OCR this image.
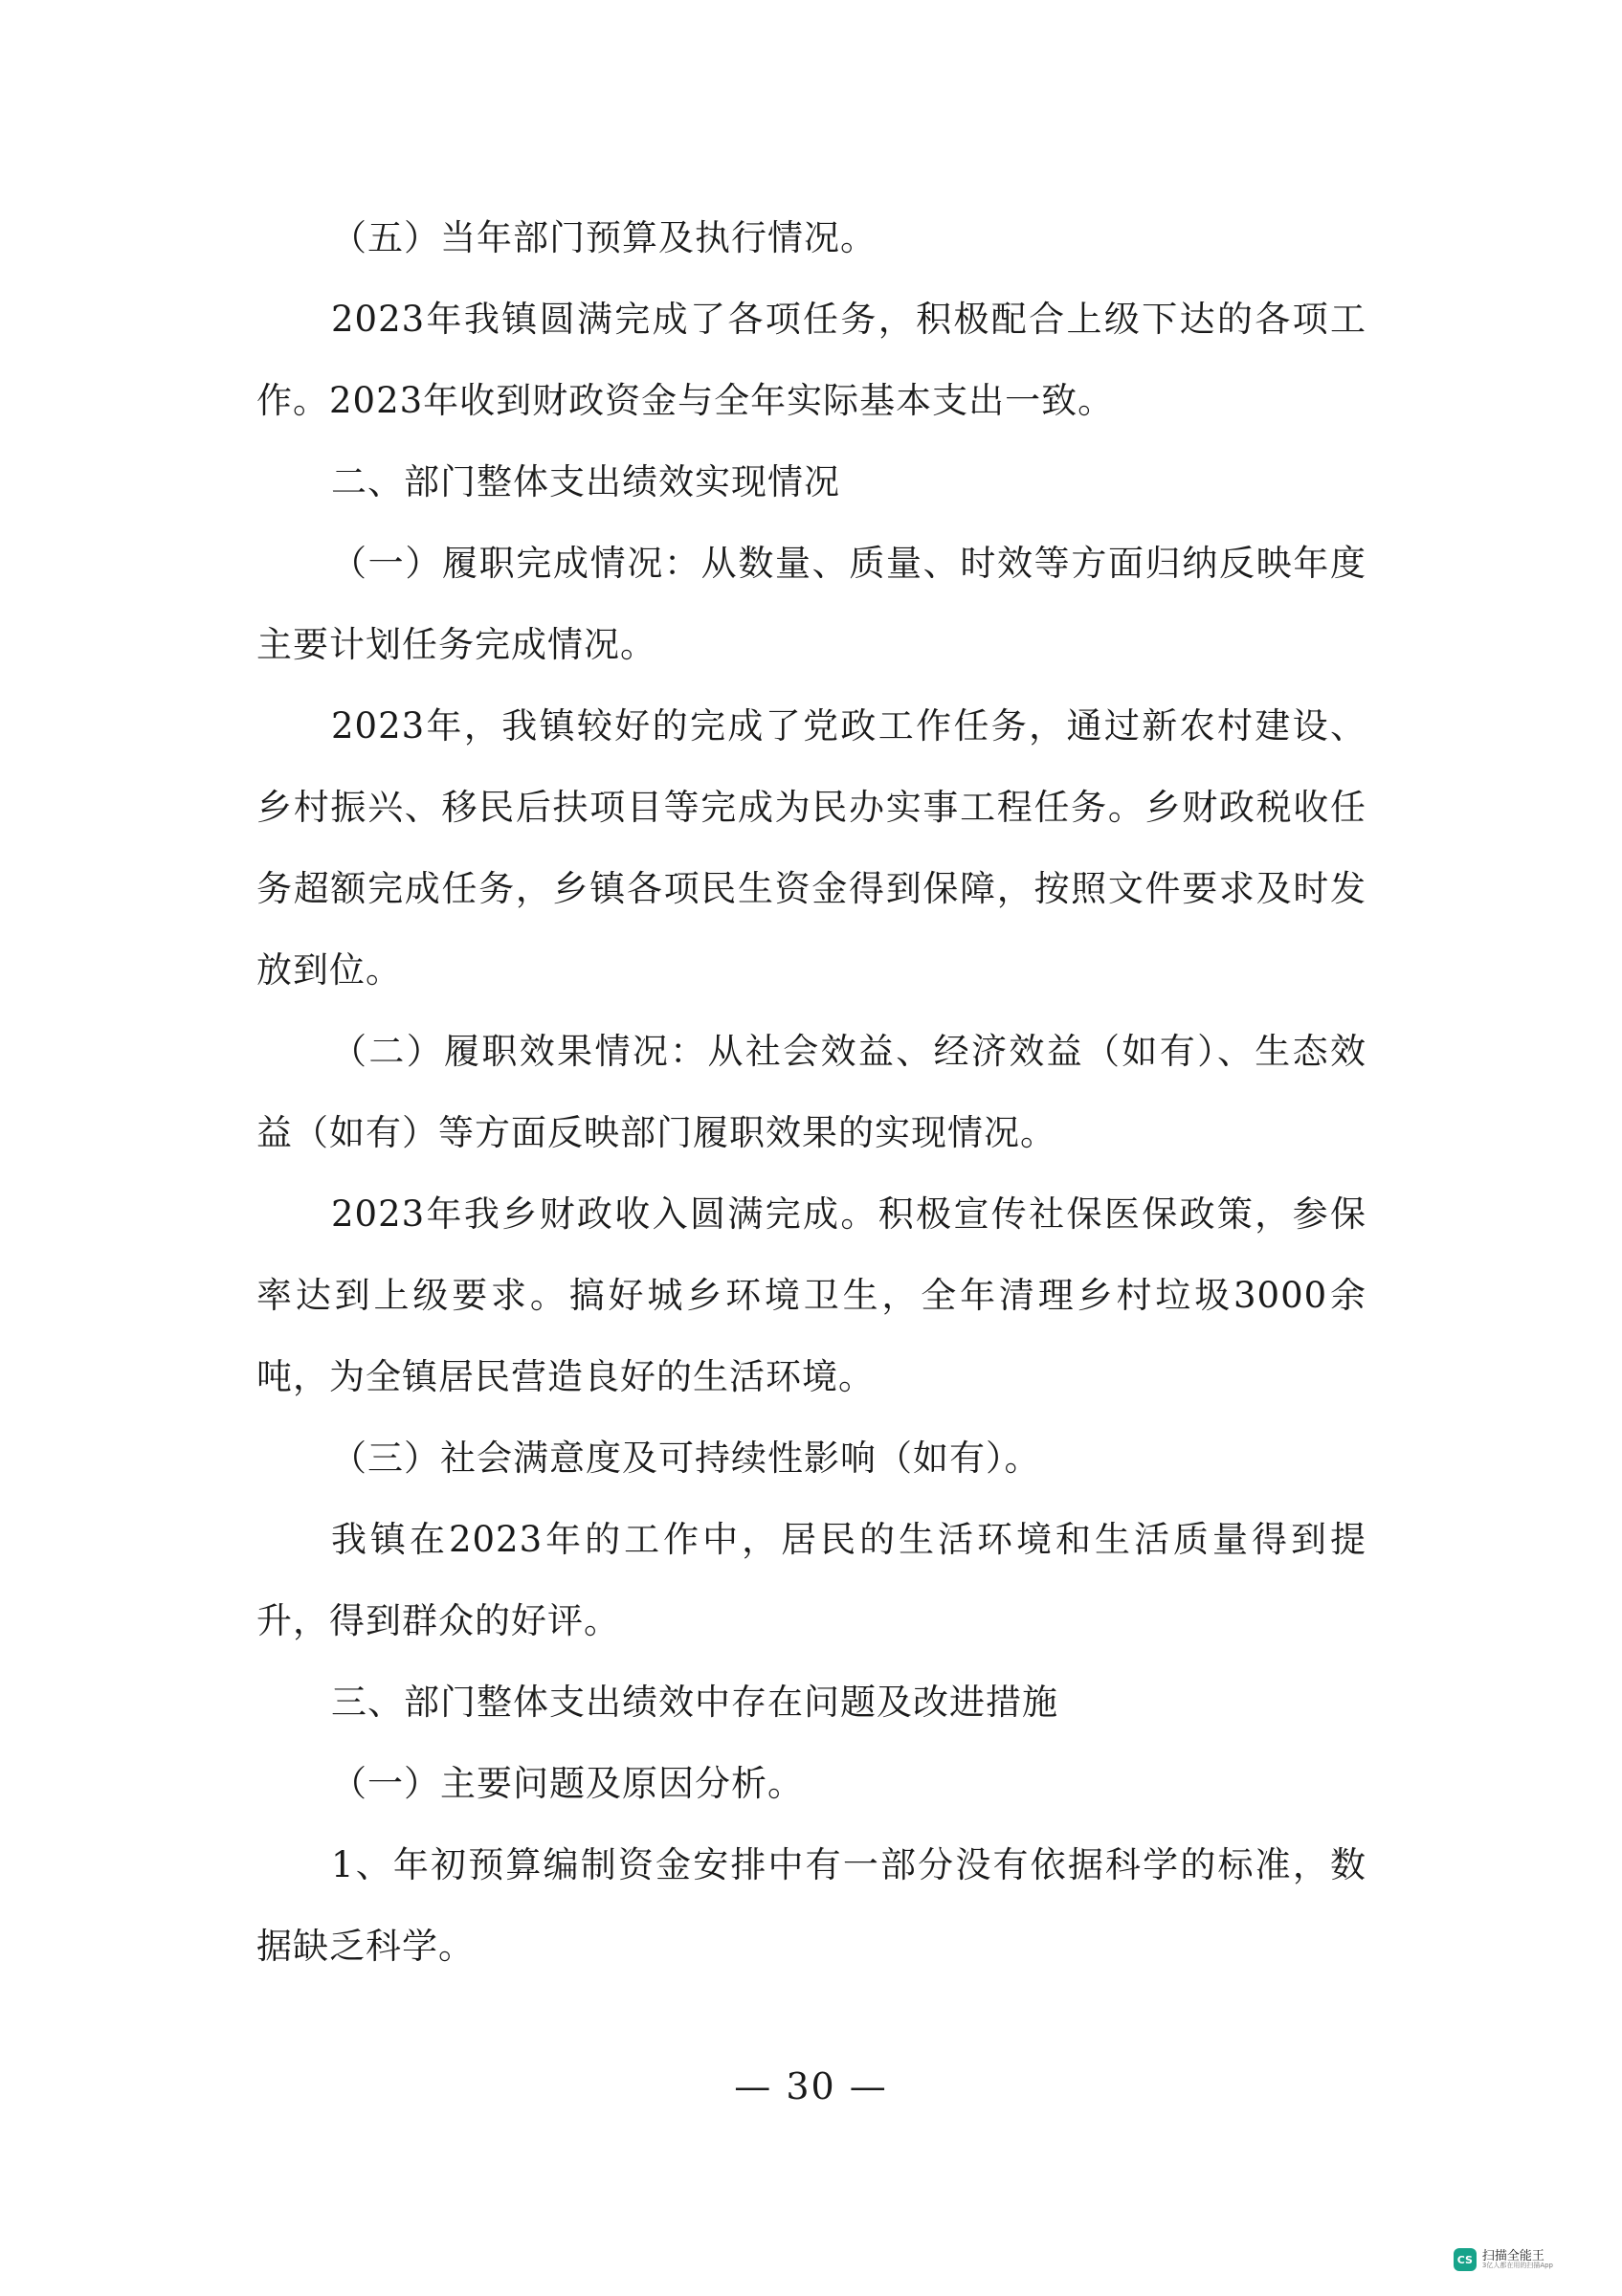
（五）当年部门预算及执行情况。

2023年我镇圆满完成了各项任务，积极配合上级下达的各项工作。2023年收到财政资金与全年实际基本支出一致。

二、部门整体支出绩效实现情况

（一）履职完成情况：从数量、质量、时效等方面归纳反映年度主要计划任务完成情况。

2023年，我镇较好的完成了党政工作任务，通过新农村建设、乡村振兴、移民后扶项目等完成为民办实事工程任务。乡财政税收任务超额完成任务，乡镇各项民生资金得到保障，按照文件要求及时发放到位。

（二）履职效果情况：从社会效益、经济效益（如有）、生态效益（如有）等方面反映部门履职效果的实现情况。

2023年我乡财政收入圆满完成。积极宣传社保医保政策，参保率达到上级要求。搞好城乡环境卫生，全年清理乡村垃圾3000余吨，为全镇居民营造良好的生活环境。

（三）社会满意度及可持续性影响（如有）。

我镇在2023年的工作中，居民的生活环境和生活质量得到提升，得到群众的好评。

三、部门整体支出绩效中存在问题及改进措施

（一）主要问题及原因分析。

1、年初预算编制资金安排中有一部分没有依据科学的标准，数据缺乏科学。

— 30 —
CS 扫描全能王
3亿人都在用的扫描App
